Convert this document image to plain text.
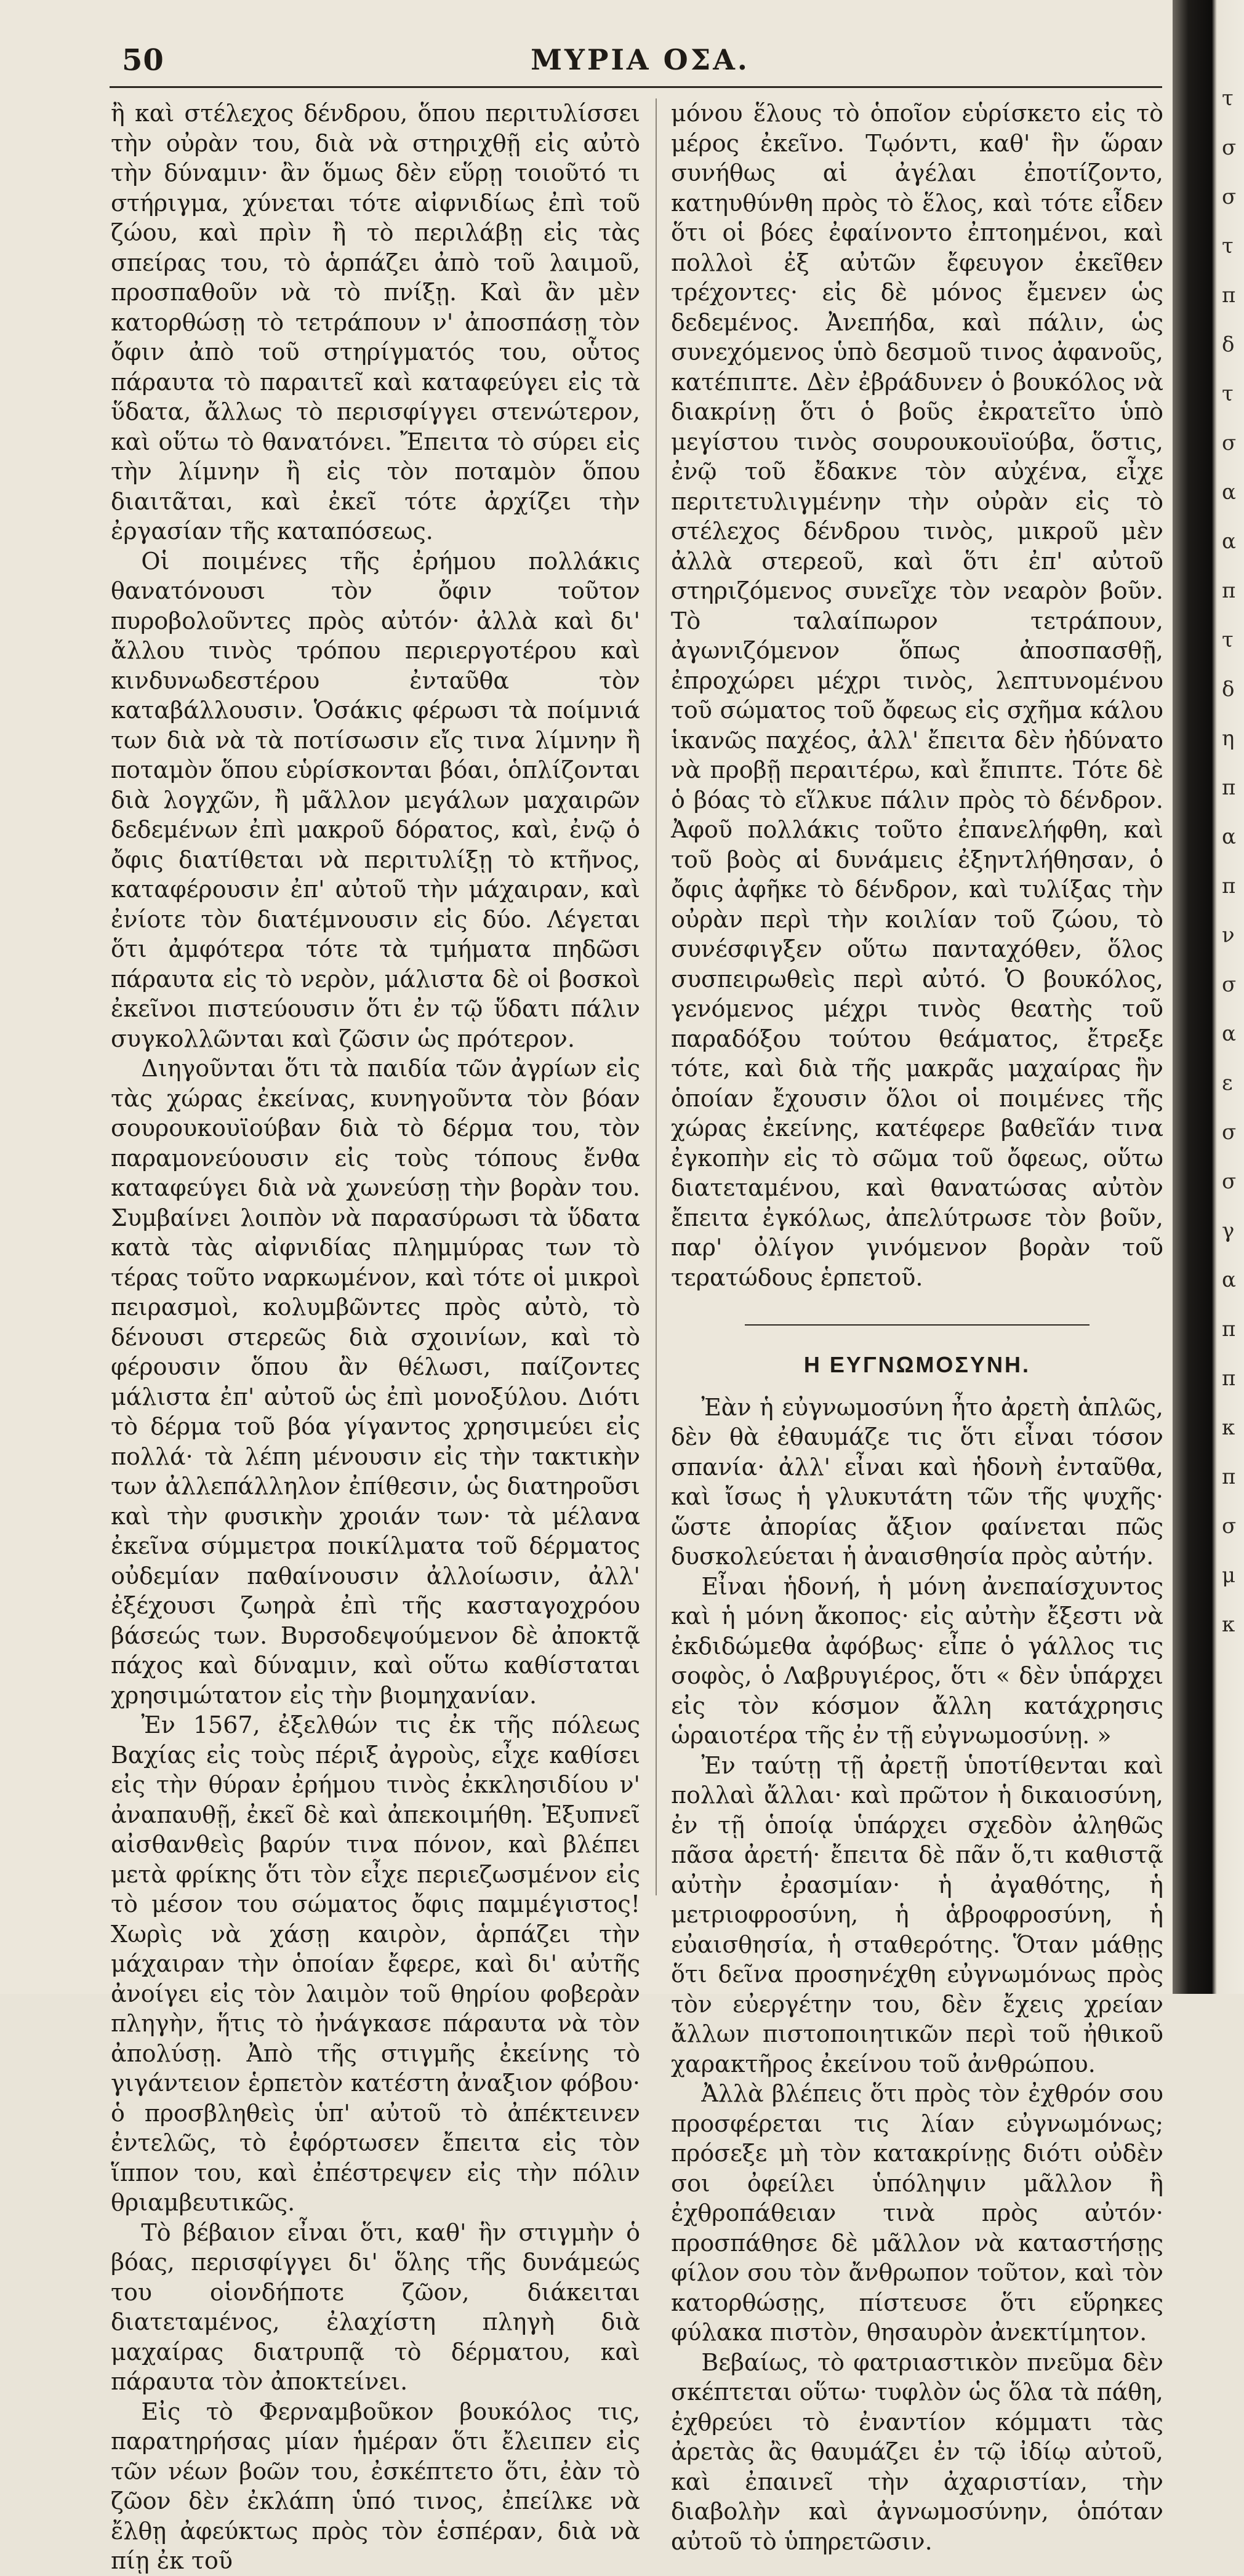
50	ΜΥΡΙΑ ΟΣΑ.

ἢ καὶ στέλεχος δένδρου, ὅπου περιτυλίσσει τὴν οὐρὰν του, διὰ νὰ στηριχθῇ εἰς αὐτὸ τὴν δύναμιν· ἂν ὅμως δὲν εὕρῃ τοιοῦτό τι στήριγμα, χύνεται τότε αἰφνιδίως ἐπὶ τοῦ ζώου, καὶ πρὶν ἢ τὸ περιλάβῃ εἰς τὰς σπείρας του, τὸ ἁρπάζει ἀπὸ τοῦ λαιμοῦ, προσπαθοῦν νὰ τὸ πνίξῃ. Καὶ ἂν μὲν κατορθώσῃ τὸ τετράπουν ν' ἀποσπάσῃ τὸν ὄφιν ἀπὸ τοῦ στηρίγματός του, οὗτος πάραυτα τὸ παραιτεῖ καὶ καταφεύγει εἰς τὰ ὕδατα, ἄλλως τὸ περισφίγγει στενώτερον, καὶ οὕτω τὸ θανατόνει. Ἔπειτα τὸ σύρει εἰς τὴν λίμνην ἢ εἰς τὸν ποταμὸν ὅπου διαιτᾶται, καὶ ἐκεῖ τότε ἀρχίζει τὴν ἐργασίαν τῆς καταπόσεως.

Οἱ ποιμένες τῆς ἐρήμου πολλάκις θανατόνουσι τὸν ὄφιν τοῦτον πυροβολοῦντες πρὸς αὐτόν· ἀλλὰ καὶ δι' ἄλλου τινὸς τρόπου περιεργοτέρου καὶ κινδυνωδεστέρου ἐνταῦθα τὸν καταβάλλουσιν. Ὁσάκις φέρωσι τὰ ποίμνιά των διὰ νὰ τὰ ποτίσωσιν εἴς τινα λίμνην ἢ ποταμὸν ὅπου εὑρίσκονται βόαι, ὁπλίζονται διὰ λογχῶν, ἢ μᾶλλον μεγάλων μαχαιρῶν δεδεμένων ἐπὶ μακροῦ δόρατος, καὶ, ἐνῷ ὁ ὄφις διατίθεται νὰ περιτυλίξῃ τὸ κτῆνος, καταφέρουσιν ἐπ' αὐτοῦ τὴν μάχαιραν, καὶ ἐνίοτε τὸν διατέμνουσιν εἰς δύο. Λέγεται ὅτι ἀμφότερα τότε τὰ τμήματα πηδῶσι πάραυτα εἰς τὸ νερὸν, μάλιστα δὲ οἱ βοσκοὶ ἐκεῖνοι πιστεύουσιν ὅτι ἐν τῷ ὕδατι πάλιν συγκολλῶνται καὶ ζῶσιν ὡς πρότερον.

Διηγοῦνται ὅτι τὰ παιδία τῶν ἀγρίων εἰς τὰς χώρας ἐκείνας, κυνηγοῦντα τὸν βόαν σουρουκουϊούβαν διὰ τὸ δέρμα του, τὸν παραμονεύουσιν εἰς τοὺς τόπους ἔνθα καταφεύγει διὰ νὰ χωνεύσῃ τὴν βορὰν του. Συμβαίνει λοιπὸν νὰ παρασύρωσι τὰ ὕδατα κατὰ τὰς αἰφνιδίας πλημμύρας των τὸ τέρας τοῦτο ναρκωμένον, καὶ τότε οἱ μικροὶ πειρασμοὶ, κολυμβῶντες πρὸς αὐτὸ, τὸ δένουσι στερεῶς διὰ σχοινίων, καὶ τὸ φέρουσιν ὅπου ἂν θέλωσι, παίζοντες μάλιστα ἐπ' αὐτοῦ ὡς ἐπὶ μονοξύλου. Διότι τὸ δέρμα τοῦ βόα γίγαντος χρησιμεύει εἰς πολλά· τὰ λέπη μένουσιν εἰς τὴν τακτικὴν των ἀλλεπάλληλον ἐπίθεσιν, ὡς διατηροῦσι καὶ τὴν φυσικὴν χροιάν των· τὰ μέλανα ἐκεῖνα σύμμετρα ποικίλματα τοῦ δέρματος οὐδεμίαν παθαίνουσιν ἀλλοίωσιν, ἀλλ' ἐξέχουσι ζωηρὰ ἐπὶ τῆς κασταγοχρόου βάσεώς των. Βυρσοδεψούμενον δὲ ἀποκτᾷ πάχος καὶ δύναμιν, καὶ οὕτω καθίσταται χρησιμώτατον εἰς τὴν βιομηχανίαν.

Ἐν 1567, ἐξελθών τις ἐκ τῆς πόλεως Βαχίας εἰς τοὺς πέριξ ἀγροὺς, εἶχε καθίσει εἰς τὴν θύραν ἐρήμου τινὸς ἐκκλησιδίου ν' ἀναπαυθῇ, ἐκεῖ δὲ καὶ ἀπεκοιμήθη. Ἐξυπνεῖ αἰσθανθεὶς βαρύν τινα πόνον, καὶ βλέπει μετὰ φρίκης ὅτι τὸν εἶχε περιεζωσμένον εἰς τὸ μέσον του σώματος ὄφις παμμέγιστος! Χωρὶς νὰ χάσῃ καιρὸν, ἁρπάζει τὴν μάχαιραν τὴν ὁποίαν ἔφερε, καὶ δι' αὐτῆς ἀνοίγει εἰς τὸν λαιμὸν τοῦ θηρίου φοβερὰν πληγὴν, ἥτις τὸ ἠνάγκασε πάραυτα νὰ τὸν ἀπολύσῃ. Ἀπὸ τῆς στιγμῆς ἐκείνης τὸ γιγάντειον ἑρπετὸν κατέστη ἀναξιον φόβου· ὁ προσβληθεὶς ὑπ' αὐτοῦ τὸ ἀπέκτεινεν ἐντελῶς, τὸ ἐφόρτωσεν ἔπειτα εἰς τὸν ἵππον του, καὶ ἐπέστρεψεν εἰς τὴν πόλιν θριαμβευτικῶς.

Τὸ βέβαιον εἶναι ὅτι, καθ' ἣν στιγμὴν ὁ βόας, περισφίγγει δι' ὅλης τῆς δυνάμεώς του οἱονδήποτε ζῶον, διάκειται διατεταμένος, ἐλαχίστη πληγὴ διὰ μαχαίρας διατρυπᾷ τὸ δέρματου, καὶ πάραυτα τὸν ἀποκτείνει.

Εἰς τὸ Φερναμβοῦκον βουκόλος τις, παρατηρήσας μίαν ἡμέραν ὅτι ἔλειπεν εἰς τῶν νέων βοῶν του, ἐσκέπτετο ὅτι, ἐὰν τὸ ζῶον δὲν ἐκλάπη ὑπό τινος, ἐπείλκε νὰ ἔλθῃ ἀφεύκτως πρὸς τὸν ἑσπέραν, διὰ νὰ πίῃ ἐκ τοῦ

μόνου ἕλους τὸ ὁποῖον εὑρίσκετο εἰς τὸ μέρος ἐκεῖνο. Τῳόντι, καθ' ἣν ὥραν συνήθως αἱ ἀγέλαι ἐποτίζοντο, κατηυθύνθη πρὸς τὸ ἕλος, καὶ τότε εἶδεν ὅτι οἱ βόες ἐφαίνοντο ἐπτοημένοι, καὶ πολλοὶ ἐξ αὐτῶν ἔφευγον ἐκεῖθεν τρέχοντες· εἰς δὲ μόνος ἔμενεν ὡς δεδεμένος. Ἀνεπήδα, καὶ πάλιν, ὡς συνεχόμενος ὑπὸ δεσμοῦ τινος ἀφανοῦς, κατέπιπτε. Δὲν ἐβράδυνεν ὁ βουκόλος νὰ διακρίνῃ ὅτι ὁ βοῦς ἐκρατεῖτο ὑπὸ μεγίστου τινὸς σουρουκουϊούβα, ὅστις, ἐνῷ τοῦ ἔδακνε τὸν αὐχένα, εἶχε περιτετυλιγμένην τὴν οὐρὰν εἰς τὸ στέλεχος δένδρου τινὸς, μικροῦ μὲν ἀλλὰ στερεοῦ, καὶ ὅτι ἐπ' αὐτοῦ στηριζόμενος συνεῖχε τὸν νεαρὸν βοῦν. Τὸ ταλαίπωρον τετράπουν, ἀγωνιζόμενον ὅπως ἀποσπασθῇ, ἐπροχώρει μέχρι τινὸς, λεπτυνομένου τοῦ σώματος τοῦ ὄφεως εἰς σχῆμα κάλου ἱκανῶς παχέος, ἀλλ' ἔπειτα δὲν ἠδύνατο νὰ προβῇ περαιτέρω, καὶ ἔπιπτε. Τότε δὲ ὁ βόας τὸ εἵλκυε πάλιν πρὸς τὸ δένδρον. Ἀφοῦ πολλάκις τοῦτο ἐπανελήφθη, καὶ τοῦ βοὸς αἱ δυνάμεις ἐξηντλήθησαν, ὁ ὄφις ἀφῆκε τὸ δένδρον, καὶ τυλίξας τὴν οὐρὰν περὶ τὴν κοιλίαν τοῦ ζώου, τὸ συνέσφιγξεν οὕτω πανταχόθεν, ὅλος συσπειρωθεὶς περὶ αὐτό. Ὁ βουκόλος, γενόμενος μέχρι τινὸς θεατὴς τοῦ παραδόξου τούτου θεάματος, ἔτρεξε τότε, καὶ διὰ τῆς μακρᾶς μαχαίρας ἣν ὁποίαν ἔχουσιν ὅλοι οἱ ποιμένες τῆς χώρας ἐκείνης, κατέφερε βαθεῖάν τινα ἐγκοπὴν εἰς τὸ σῶμα τοῦ ὄφεως, οὕτω διατεταμένου, καὶ θανατώσας αὐτὸν ἔπειτα ἐγκόλως, ἀπελύτρωσε τὸν βοῦν, παρ' ὀλίγον γινόμενον βορὰν τοῦ τερατώδους ἑρπετοῦ.

Η ΕΥΓΝΩΜΟΣΥΝΗ.

Ἐὰν ἡ εὐγνωμοσύνη ἦτο ἀρετὴ ἁπλῶς, δὲν θὰ ἐθαυμάζε τις ὅτι εἶναι τόσον σπανία· ἀλλ' εἶναι καὶ ἡδονὴ ἐνταῦθα, καὶ ἴσως ἡ γλυκυτάτη τῶν τῆς ψυχῆς· ὥστε ἀπορίας ἄξιον φαίνεται πῶς δυσκολεύεται ἡ ἀναισθησία πρὸς αὐτήν.

Εἶναι ἡδονή, ἡ μόνη ἀνεπαίσχυντος καὶ ἡ μόνη ἄκοπος· εἰς αὐτὴν ἔξεστι νὰ ἐκδιδώμεθα ἀφόβως· εἶπε ὁ γάλλος τις σοφὸς, ὁ Λαβρυγιέρος, ὅτι « δὲν ὑπάρχει εἰς τὸν κόσμον ἄλλη κατάχρησις ὡραιοτέρα τῆς ἐν τῇ εὐγνωμοσύνῃ. »

Ἐν ταύτῃ τῇ ἀρετῇ ὑποτίθενται καὶ πολλαὶ ἄλλαι· καὶ πρῶτον ἡ δικαιοσύνη, ἐν τῇ ὁποίᾳ ὑπάρχει σχεδὸν ἀληθῶς πᾶσα ἀρετή· ἔπειτα δὲ πᾶν ὅ,τι καθιστᾷ αὐτὴν ἐρασμίαν· ἡ ἀγαθότης, ἡ μετριοφροσύνη, ἡ ἁβροφροσύνη, ἡ εὐαισθησία, ἡ σταθερότης. Ὅταν μάθῃς ὅτι δεῖνα προσηνέχθη εὐγνωμόνως πρὸς τὸν εὐεργέτην του, δὲν ἔχεις χρείαν ἄλλων πιστοποιητικῶν περὶ τοῦ ἠθικοῦ χαρακτῆρος ἐκείνου τοῦ ἀνθρώπου.

Ἀλλὰ βλέπεις ὅτι πρὸς τὸν ἐχθρόν σου προσφέρεται τις λίαν εὐγνωμόνως; πρόσεξε μὴ τὸν κατακρίνῃς διότι οὐδὲν σοι ὀφείλει ὑπόληψιν μᾶλλον ἢ ἐχθροπάθειαν τινὰ πρὸς αὐτόν· προσπάθησε δὲ μᾶλλον νὰ καταστήσῃς φίλον σου τὸν ἄνθρωπον τοῦτον, καὶ τὸν κατορθώσῃς, πίστευσε ὅτι εὕρηκες φύλακα πιστὸν, θησαυρὸν ἀνεκτίμητον.

Βεβαίως, τὸ φατριαστικὸν πνεῦμα δὲν σκέπτεται οὕτω· τυφλὸν ὡς ὅλα τὰ πάθη, ἐχθρεύει τὸ ἐναντίον κόμματι τὰς ἀρετὰς ἂς θαυμάζει ἐν τῷ ἰδίῳ αὐτοῦ, καὶ ἐπαινεῖ τὴν ἀχαριστίαν, τὴν διαβολὴν καὶ ἀγνωμοσύνην, ὁπόταν αὐτοῦ τὸ ὑπηρετῶσιν.

τ
σ
σ
τ
π
δ
τ
σ
α
α
π
τ
δ
η
π
α
π
ν
σ
α
ε
σ
σ
γ
α
π
π
κ
π
σ
μ
κ
